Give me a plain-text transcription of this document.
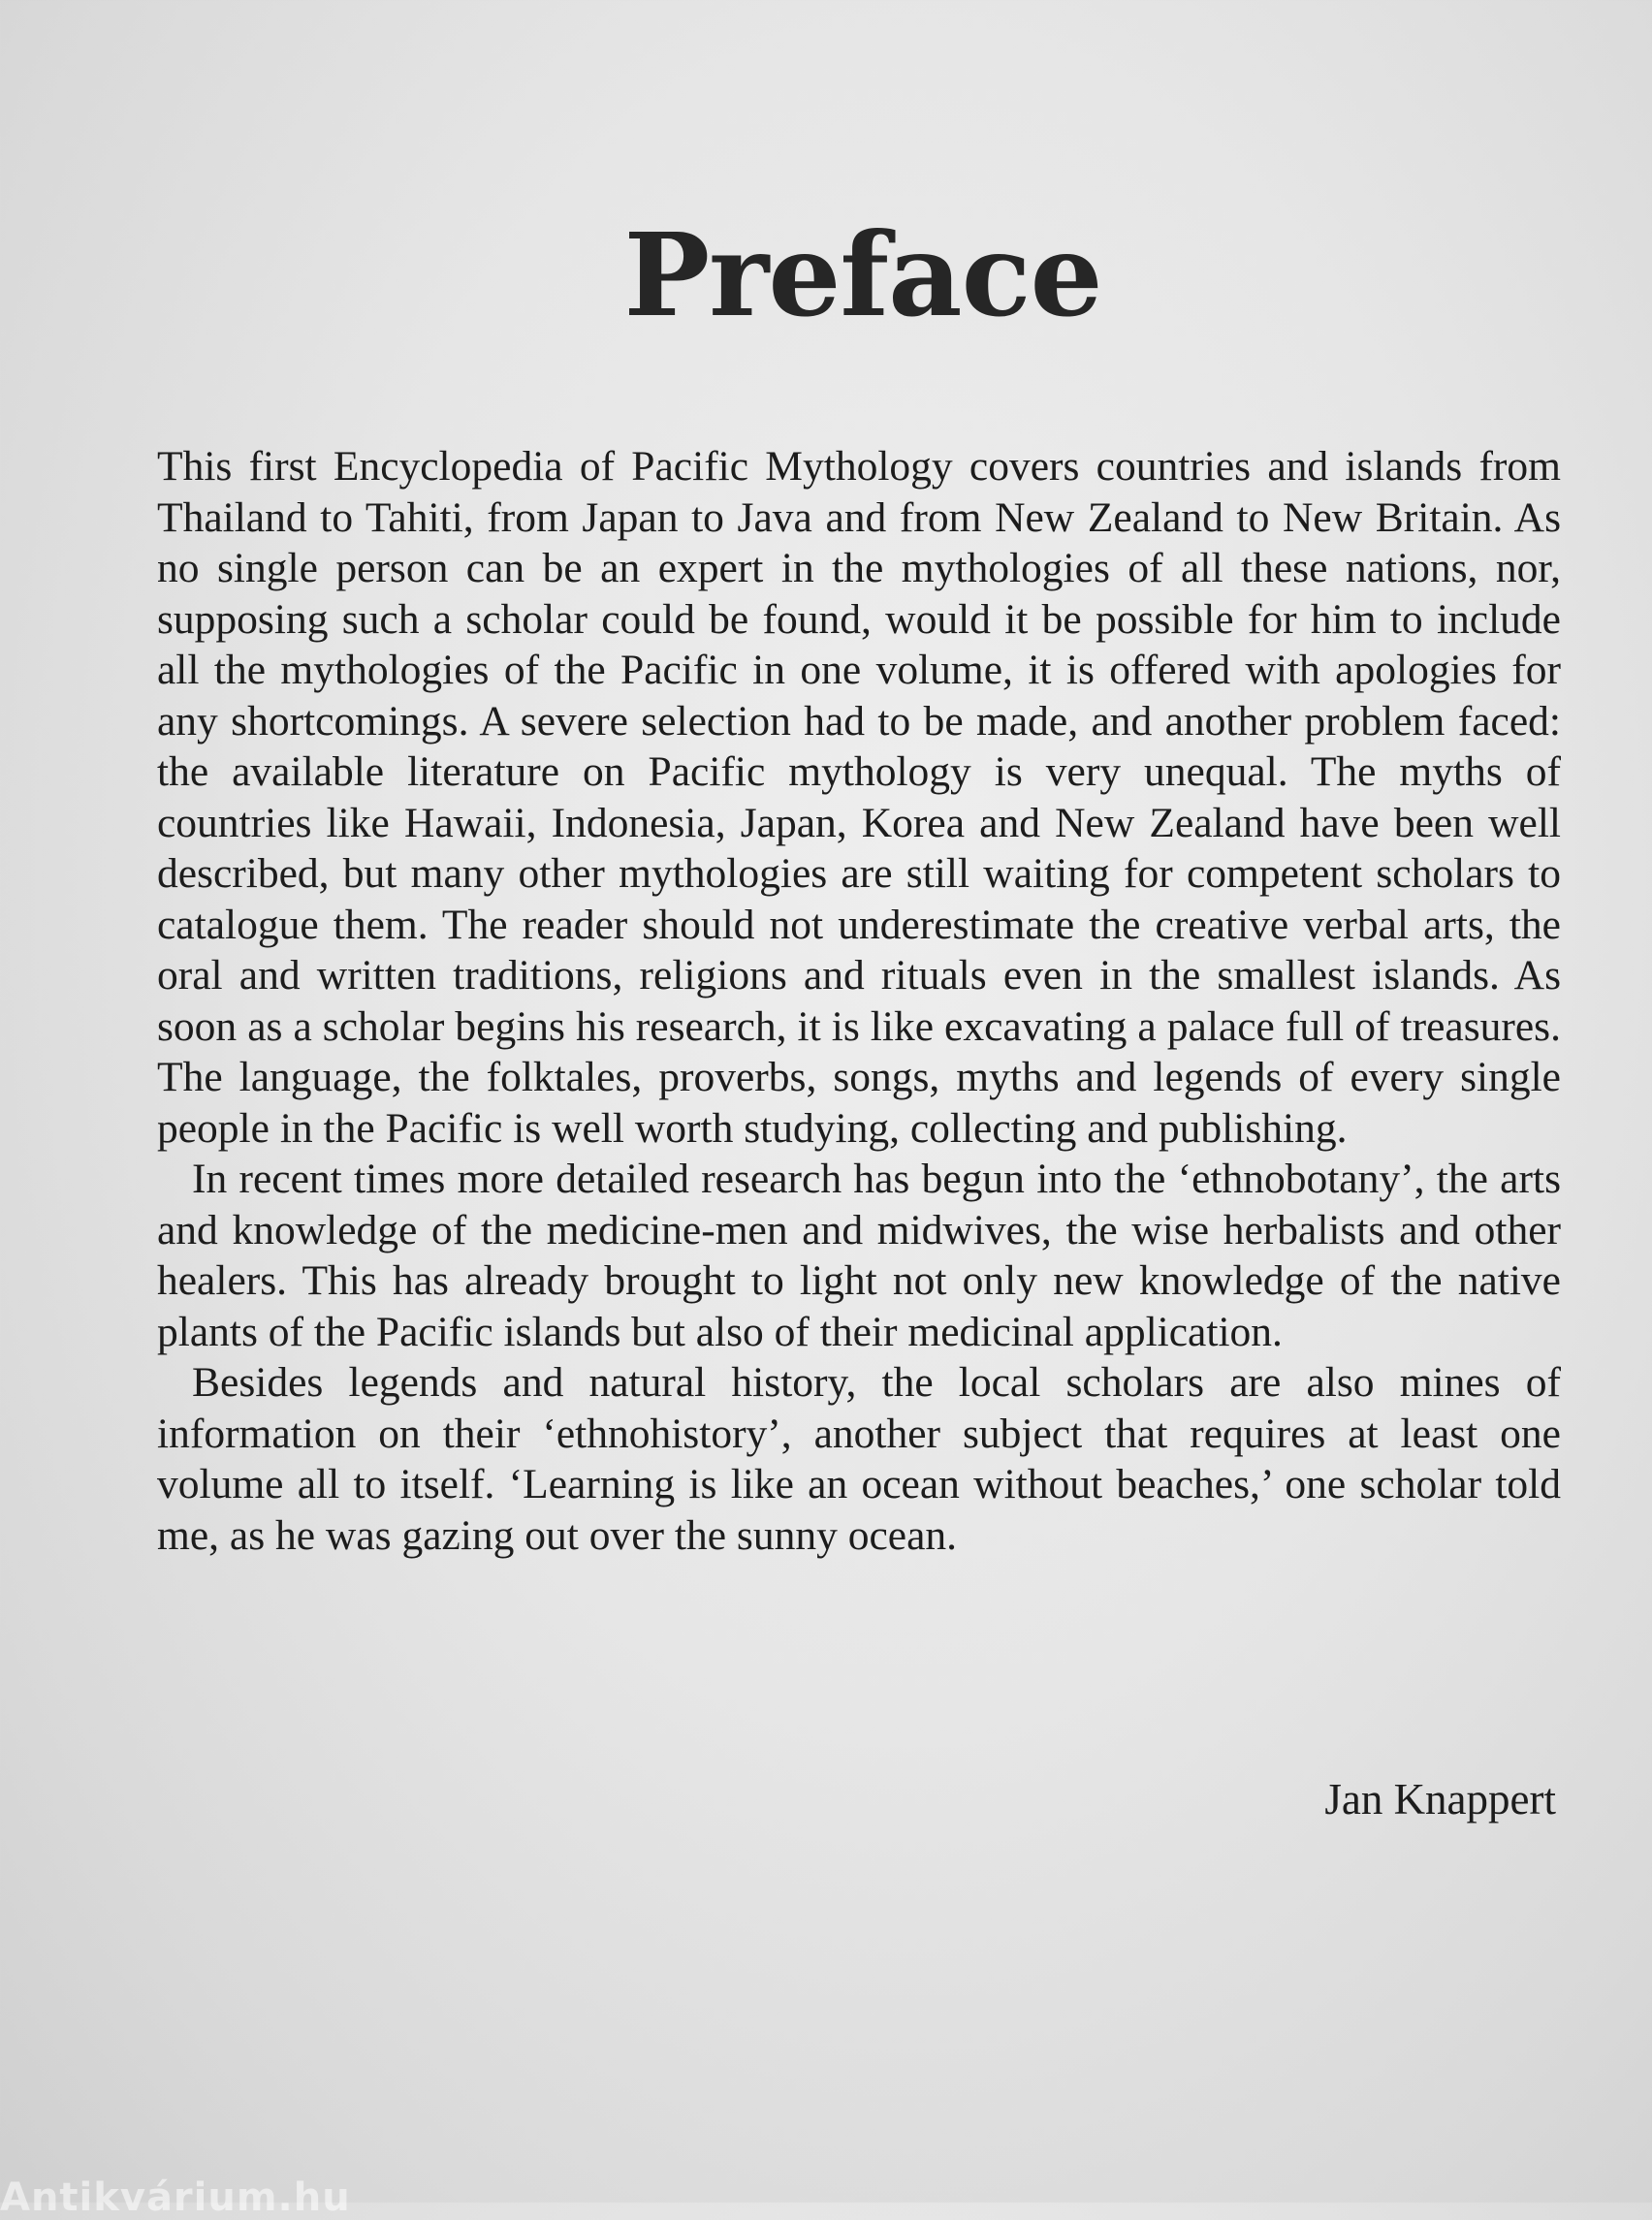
Preface

This first Encyclopedia of Pacific Mythology covers countries and islands from Thailand to Tahiti, from Japan to Java and from New Zealand to New Britain. As no single person can be an expert in the mythologies of all these nations, nor, supposing such a scholar could be found, would it be possible for him to include all the mythologies of the Pacific in one volume, it is offered with apologies for any shortcomings. A severe selection had to be made, and another problem faced: the available literature on Pacific mythology is very unequal. The myths of countries like Hawaii, Indonesia, Japan, Korea and New Zealand have been well described, but many other mythologies are still waiting for competent scholars to catalogue them. The reader should not underestimate the creative verbal arts, the oral and written traditions, religions and rituals even in the smallest islands. As soon as a scholar begins his research, it is like excavating a palace full of treasures. The language, the folktales, proverbs, songs, myths and legends of every single people in the Pacific is well worth studying, collecting and publishing.

In recent times more detailed research has begun into the ‘ethnobotany’, the arts and knowledge of the medicine-men and midwives, the wise herbalists and other healers. This has already brought to light not only new knowledge of the native plants of the Pacific islands but also of their medicinal application.

Besides legends and natural history, the local scholars are also mines of information on their ‘ethnohistory’, another subject that requires at least one volume all to itself. ‘Learning is like an ocean without beaches,’ one scholar told me, as he was gazing out over the sunny ocean.

Jan Knappert
Antikvárium.hu
